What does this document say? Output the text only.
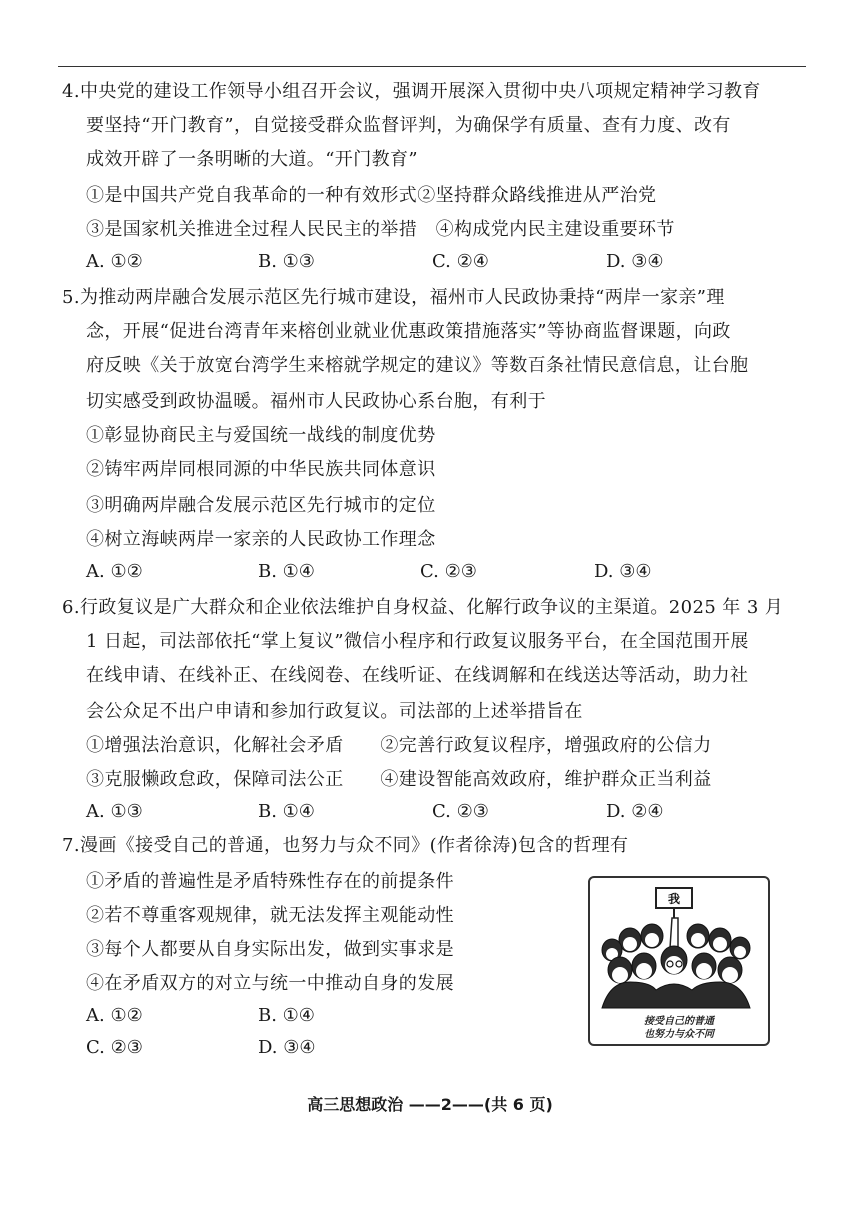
4.中央党的建设工作领导小组召开会议，强调开展深入贯彻中央八项规定精神学习教育
要坚持“开门教育”，自觉接受群众监督评判，为确保学有质量、查有力度、改有
成效开辟了一条明晰的大道。“开门教育”
①是中国共产党自我革命的一种有效形式②坚持群众路线推进从严治党
③是国家机关推进全过程人民民主的举措　④构成党内民主建设重要环节
A. ①②	B. ①③	C. ②④	D. ③④
5.为推动两岸融合发展示范区先行城市建设，福州市人民政协秉持“两岸一家亲”理
念，开展“促进台湾青年来榕创业就业优惠政策措施落实”等协商监督课题，向政
府反映《关于放宽台湾学生来榕就学规定的建议》等数百条社情民意信息，让台胞
切实感受到政协温暖。福州市人民政协心系台胞，有利于
①彰显协商民主与爱国统一战线的制度优势
②铸牢两岸同根同源的中华民族共同体意识
③明确两岸融合发展示范区先行城市的定位
④树立海峡两岸一家亲的人民政协工作理念
A. ①②	B. ①④	C. ②③	D. ③④
6.行政复议是广大群众和企业依法维护自身权益、化解行政争议的主渠道。2025 年 3 月
1 日起，司法部依托“掌上复议”微信小程序和行政复议服务平台，在全国范围开展
在线申请、在线补正、在线阅卷、在线听证、在线调解和在线送达等活动，助力社
会公众足不出户申请和参加行政复议。司法部的上述举措旨在
①增强法治意识，化解社会矛盾　　②完善行政复议程序，增强政府的公信力
③克服懒政怠政，保障司法公正　　④建设智能高效政府，维护群众正当利益
A. ①③	B. ①④	C. ②③	D. ②④
7.漫画《接受自己的普通，也努力与众不同》(作者徐涛)包含的哲理有
①矛盾的普遍性是矛盾特殊性存在的前提条件
②若不尊重客观规律，就无法发挥主观能动性
③每个人都要从自身实际出发，做到实事求是
④在矛盾双方的对立与统一中推动自身的发展
A. ①②	B. ①④
C. ②③	D. ③④
接受自己的普通
也努力与众不同
我
高三思想政治 ——2——(共 6 页)
